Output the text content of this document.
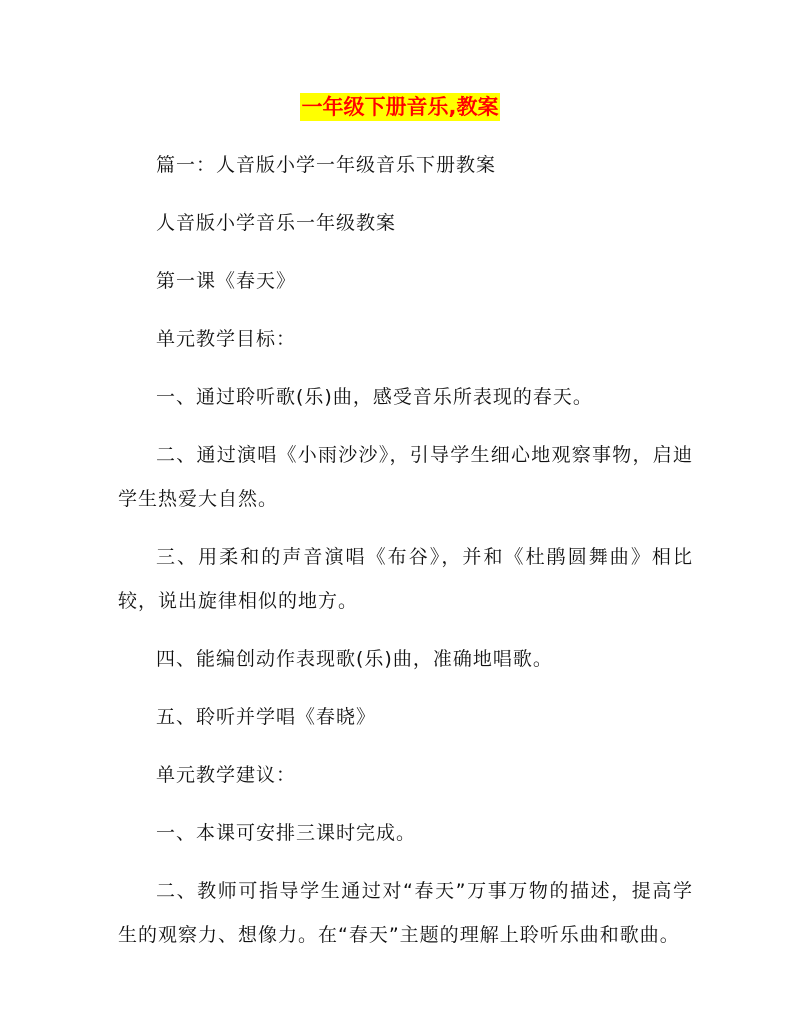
一年级下册音乐,教案

篇一：人音版小学一年级音乐下册教案

人音版小学音乐一年级教案

第一课《春天》

单元教学目标：

一、通过聆听歌(乐)曲，感受音乐所表现的春天。

二、通过演唱《小雨沙沙》，引导学生细心地观察事物，启迪学生热爱大自然。

三、用柔和的声音演唱《布谷》，并和《杜鹃圆舞曲》相比较，说出旋律相似的地方。

四、能编创动作表现歌(乐)曲，准确地唱歌。

五、聆听并学唱《春晓》

单元教学建议：

一、本课可安排三课时完成。

二、教师可指导学生通过对“春天”万事万物的描述，提高学生的观察力、想像力。在“春天”主题的理解上聆听乐曲和歌曲。
